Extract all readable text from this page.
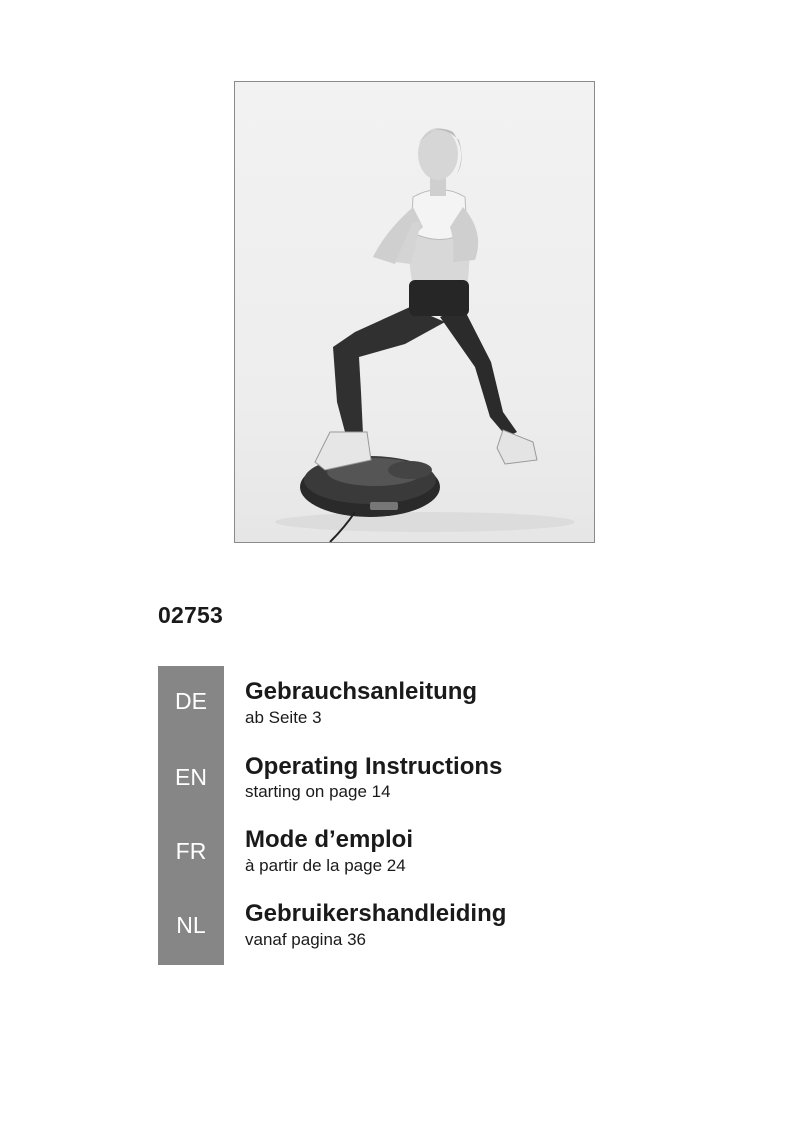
02753
DE	Gebrauchsanleitung
ab Seite 3
EN	Operating Instructions
starting on page 14
FR	Mode d’emploi
à partir de la page 24
NL	Gebruikershandleiding
vanaf pagina 36
